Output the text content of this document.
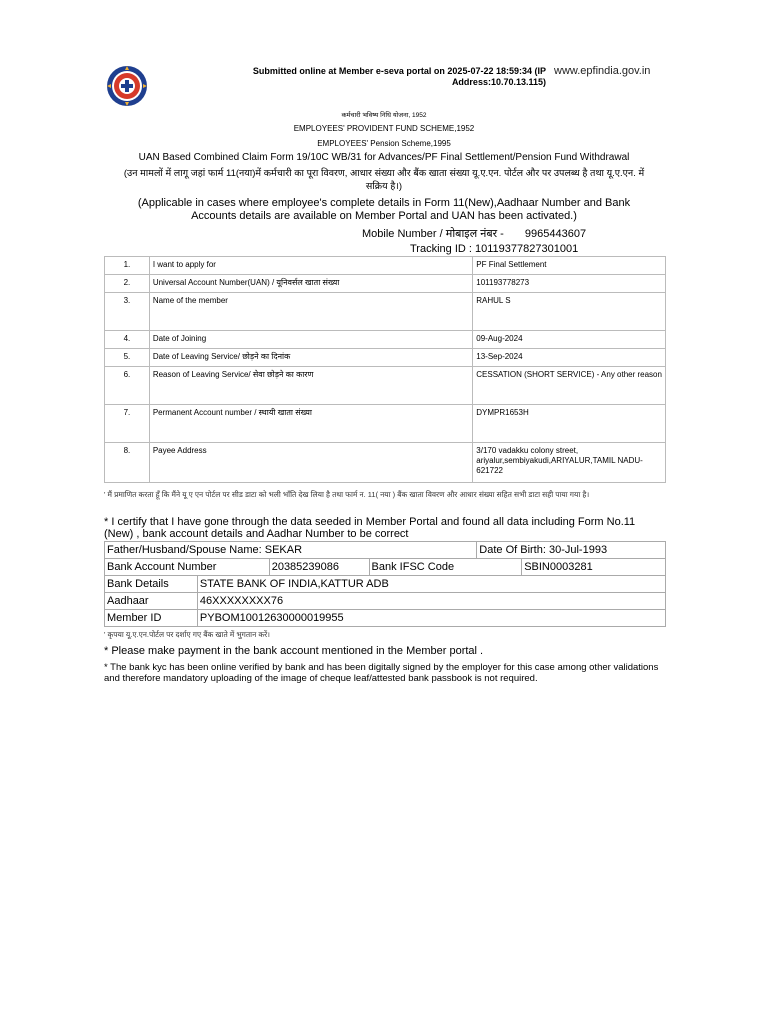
Submitted online at Member e-seva portal on 2025-07-22 18:59:34 (IP Address:10.70.13.115)
www.epfindia.gov.in
कर्मचारी भविष्य निधि योजना, 1952
EMPLOYEES' PROVIDENT FUND SCHEME,1952
EMPLOYEES' Pension Scheme,1995
UAN Based Combined Claim Form 19/10C WB/31 for Advances/PF Final Settlement/Pension Fund Withdrawal
(उन मामलों में लागू जहां फार्म 11(नया)में कर्मचारी का पूरा विवरण, आधार संख्या और बैंक खाता संख्या यू.ए.एन. पोर्टल और पर उपलब्ध है तथा यू.ए.एन. में सक्रिय है।)
(Applicable in cases where employee's complete details in Form 11(New),Aadhaar Number and Bank Accounts details are available on Member Portal and UAN has been activated.)
Mobile Number / मोबाइल नंबर - 9965443607
Tracking ID : 10119377827301001
1.	I want to apply for	PF Final Settlement
2.	Universal Account Number(UAN) / यूनिवर्सल खाता संख्या	101193778273
3.	Name of the member	RAHUL S
4.	Date of Joining	09-Aug-2024
5.	Date of Leaving Service/ छोड़ने का दिनांक	13-Sep-2024
6.	Reason of Leaving Service/ सेवा छोड़ने का कारण	CESSATION (SHORT SERVICE) - Any other reason
7.	Permanent Account number / स्थायी खाता संख्या	DYMPR1653H
8.	Payee Address	3/170 vadakku colony street, ariyalur,sembiyakudi,ARIYALUR,TAMIL NADU-621722
' मैं प्रमाणित करता हूँ कि मैंने यू ए एन पोर्टल पर सीड डाटा को भली भाँति देख लिया है तथा फार्म न. 11( नया ) बैंक खाता विवरण और आधार संख्या सहित सभी डाटा सही पाया गया है।
* I certify that I have gone through the data seeded in Member Portal and found all data including Form No.11 (New) , bank account details and Aadhar Number to be correct
Father/Husband/Spouse Name: SEKAR				Date Of Birth: 30-Jul-1993	
Bank Account Number		20385239086	Bank IFSC Code		SBIN0003281
Bank Details	STATE BANK OF INDIA,KATTUR ADB				
Aadhaar	46XXXXXXXX76				
Member ID	PYBOM10012630000019955				
' कृपया यू.ए.एन.पोर्टल पर दर्शाए गए बैंक खाते में भुगतान करें।
* Please make payment in the bank account mentioned in the Member portal .
* The bank kyc has been online verified by bank and has been digitally signed by the employer for this case among other validations and therefore mandatory uploading of the image of cheque leaf/attested bank passbook is not required.
